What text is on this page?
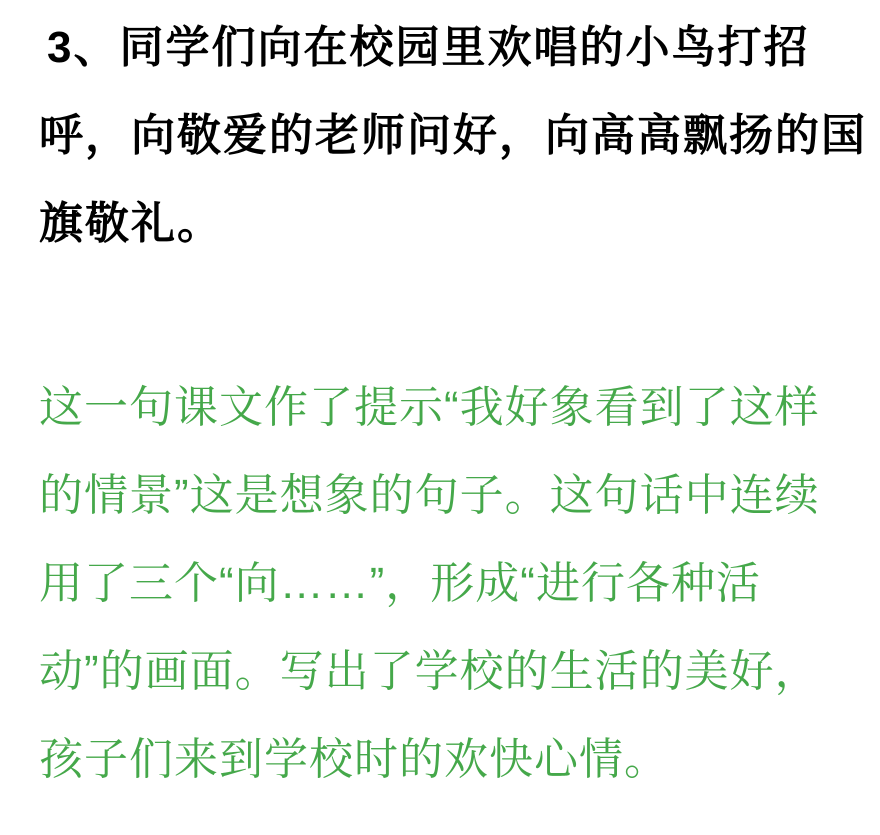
3、同学们向在校园里欢唱的小鸟打招
呼，向敬爱的老师问好，向高高飘扬的国
旗敬礼。
这一句课文作了提示“我好象看到了这样
的情景”这是想象的句子。这句话中连续
用了三个“向……”，形成“进行各种活
动”的画面。写出了学校的生活的美好，
孩子们来到学校时的欢快心情。
